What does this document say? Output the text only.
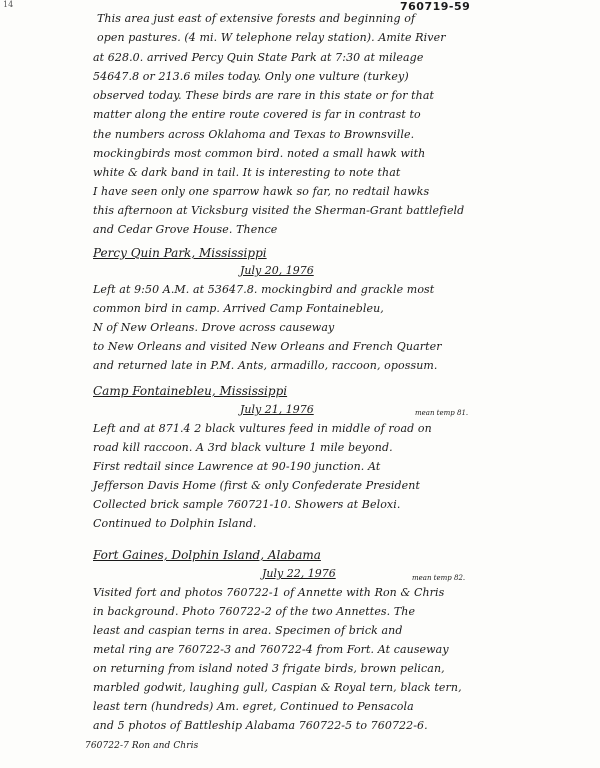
14	760719-59
This area just east of extensive forests and beginning of
open pastures. (4 mi. W telephone relay station). Amite River
at 628.0. arrived Percy Quin State Park at 7:30 at mileage
54647.8 or 213.6 miles today. Only one vulture (turkey)
observed today. These birds are rare in this state or for that
matter along the entire route covered is far in contrast to
the numbers across Oklahoma and Texas to Brownsville.
mockingbirds most common bird. noted a small hawk with
white & dark band in tail. It is interesting to note that
I have seen only one sparrow hawk so far, no redtail hawks
this afternoon at Vicksburg visited the Sherman-Grant battlefield
and Cedar Grove House. Thence
Percy Quin Park, Mississippi
July 20, 1976
Left at 9:50 A.M. at 53647.8. mockingbird and grackle most
common bird in camp. Arrived Camp Fontainebleu,
N of New Orleans. Drove across causeway
to New Orleans and visited New Orleans and French Quarter
and returned late in P.M. Ants, armadillo, raccoon, opossum.
Camp Fontainebleu, Mississippi
July 21, 1976	mean temp 81.
Left and at 871.4 2 black vultures feed in middle of road on
road kill raccoon. A 3rd black vulture 1 mile beyond.
First redtail since Lawrence at 90-190 junction. At
Jefferson Davis Home (first & only Confederate President
Collected brick sample 760721-10. Showers at Beloxi.
Continued to Dolphin Island.
Fort Gaines, Dolphin Island, Alabama
July 22, 1976	mean temp 82.
Visited fort and photos 760722-1 of Annette with Ron & Chris
in background. Photo 760722-2 of the two Annettes. The
least and caspian terns in area. Specimen of brick and
metal ring are 760722-3 and 760722-4 from Fort. At causeway
on returning from island noted 3 frigate birds, brown pelican,
marbled godwit, laughing gull, Caspian & Royal tern, black tern,
least tern (hundreds) Am. egret, Continued to Pensacola
and 5 photos of Battleship Alabama 760722-5 to 760722-6.
760722-7 Ron and Chris
